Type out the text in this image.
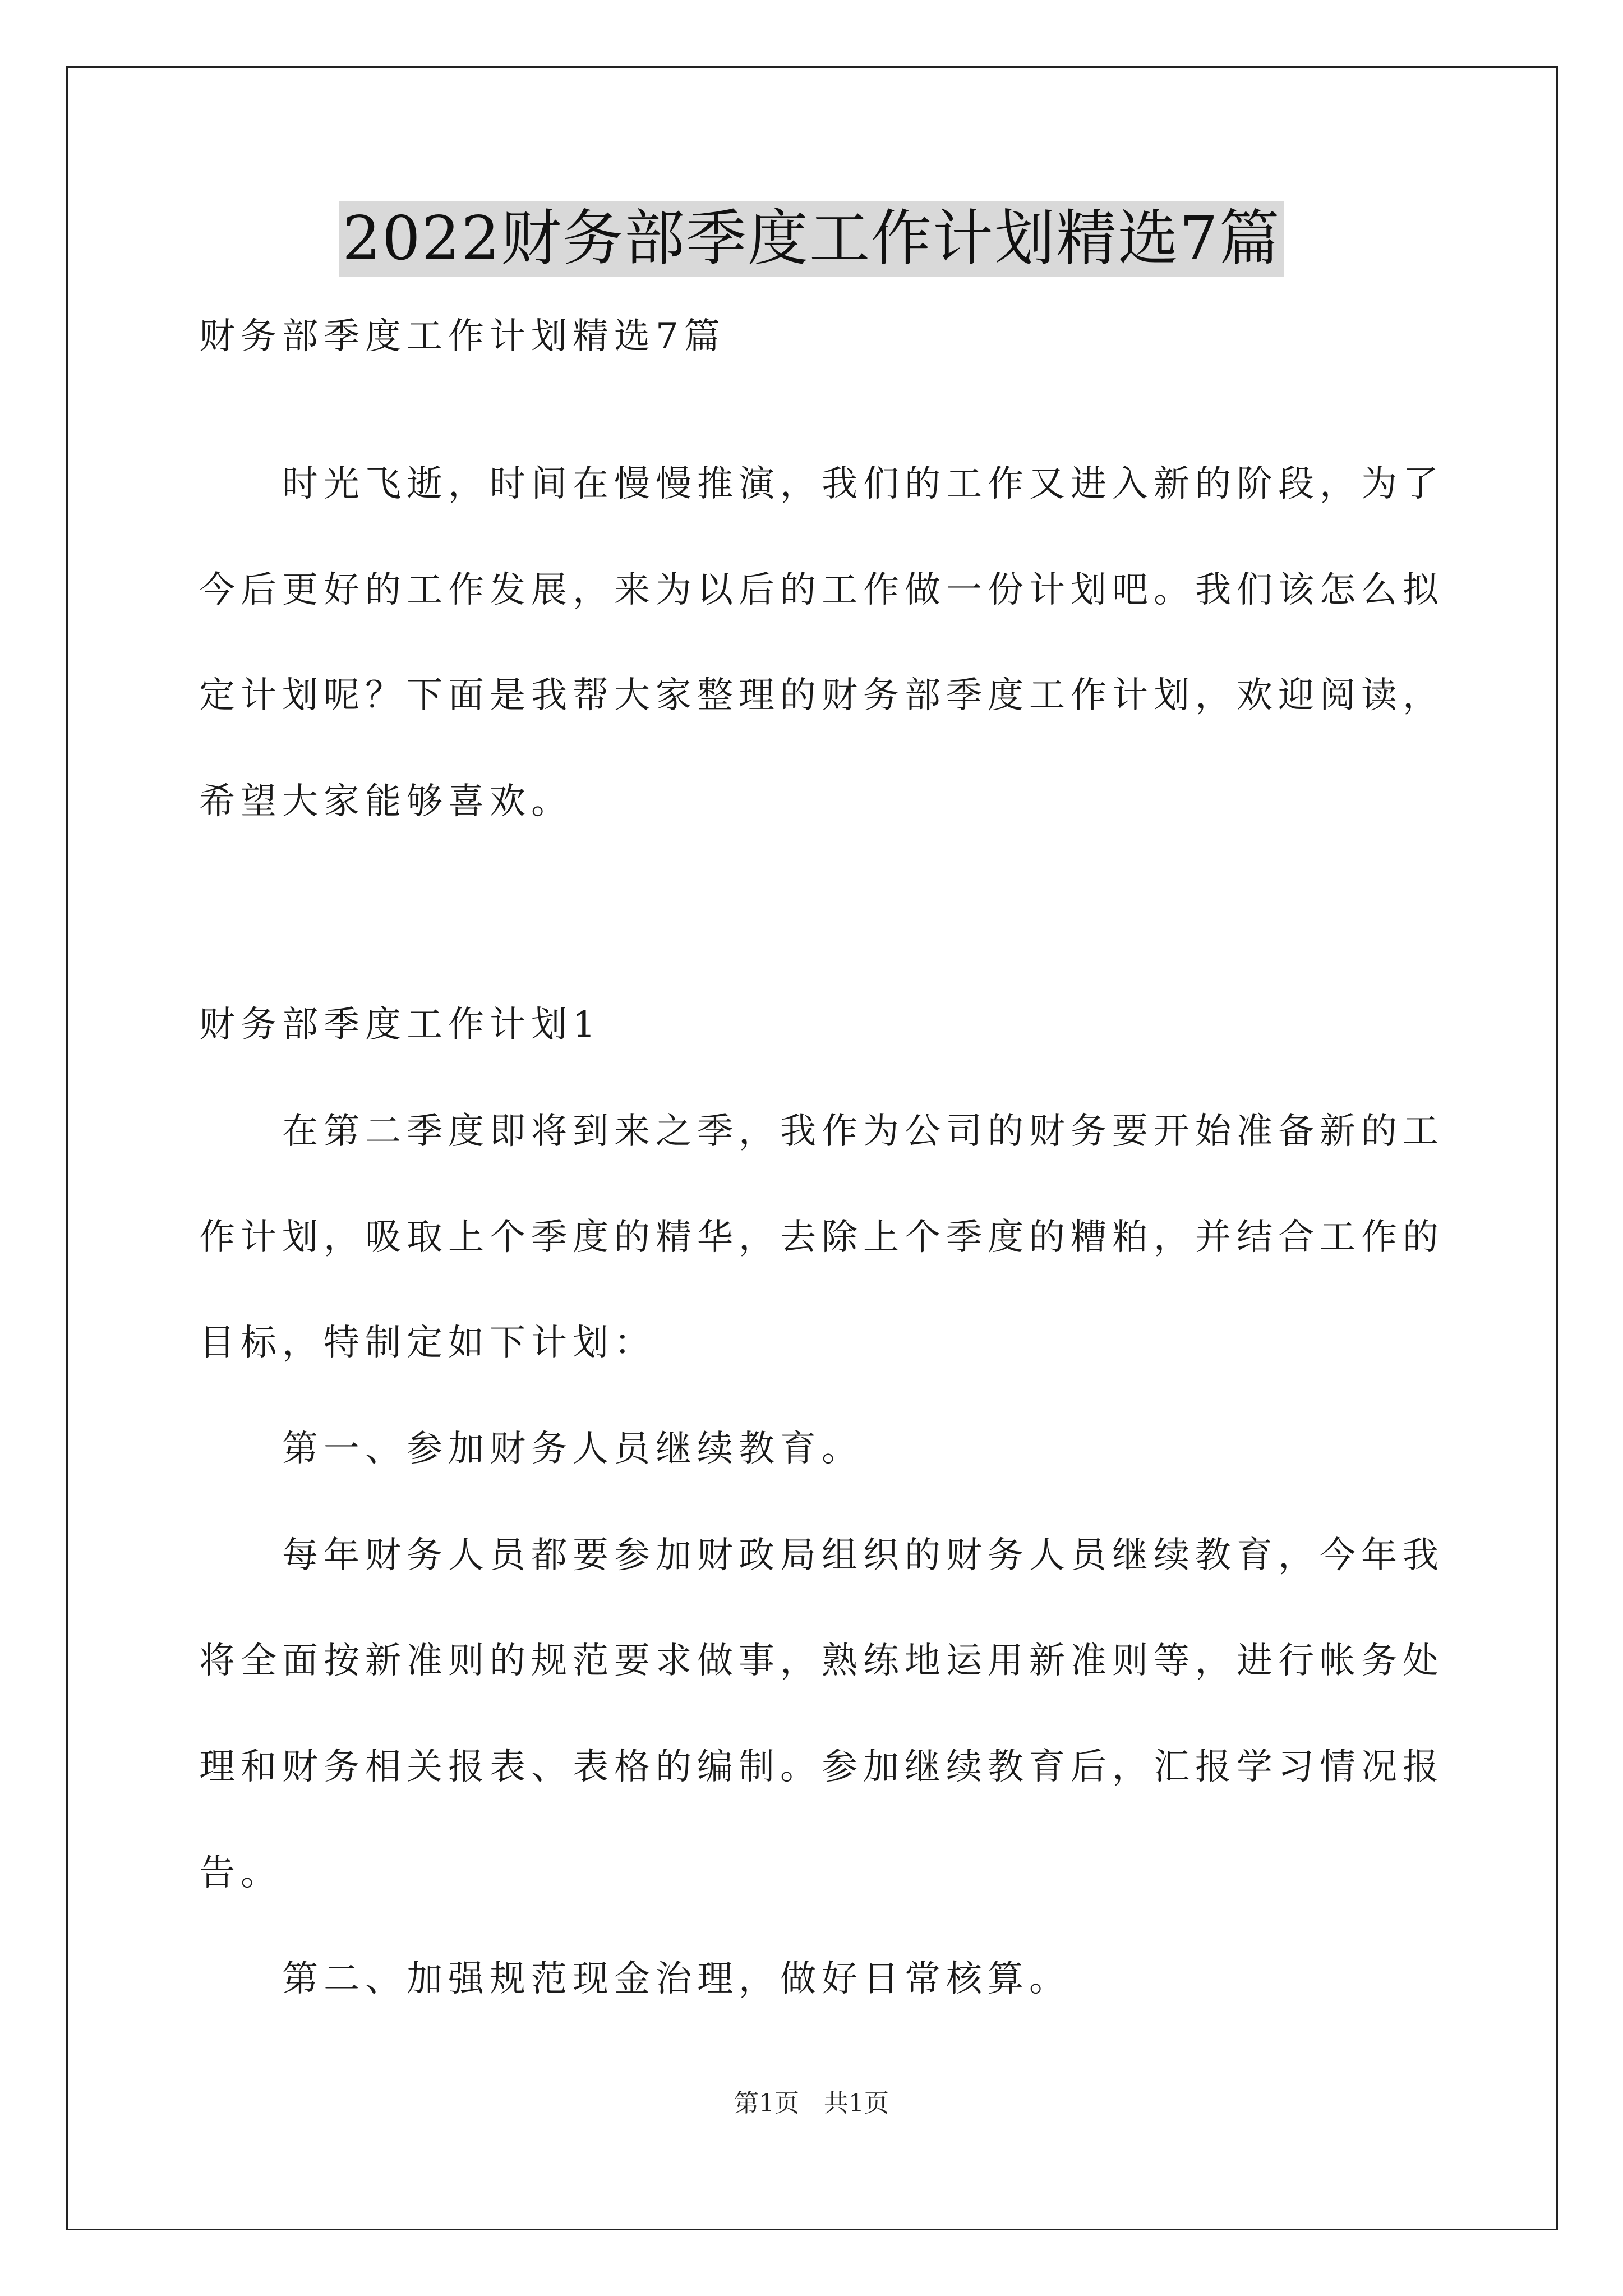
2022财务部季度工作计划精选7篇
财务部季度工作计划精选7篇
　　时光飞逝，时间在慢慢推演，我们的工作又进入新的阶段，为了
今后更好的工作发展，来为以后的工作做一份计划吧。我们该怎么拟
定计划呢？下面是我帮大家整理的财务部季度工作计划，欢迎阅读，
希望大家能够喜欢。
财务部季度工作计划1
　　在第二季度即将到来之季，我作为公司的财务要开始准备新的工
作计划，吸取上个季度的精华，去除上个季度的糟粕，并结合工作的
目标，特制定如下计划：
　　第一、参加财务人员继续教育。
　　每年财务人员都要参加财政局组织的财务人员继续教育，今年我
将全面按新准则的规范要求做事，熟练地运用新准则等，进行帐务处
理和财务相关报表、表格的编制。参加继续教育后，汇报学习情况报
告。
　　第二、加强规范现金治理，做好日常核算。
第1页　共1页
